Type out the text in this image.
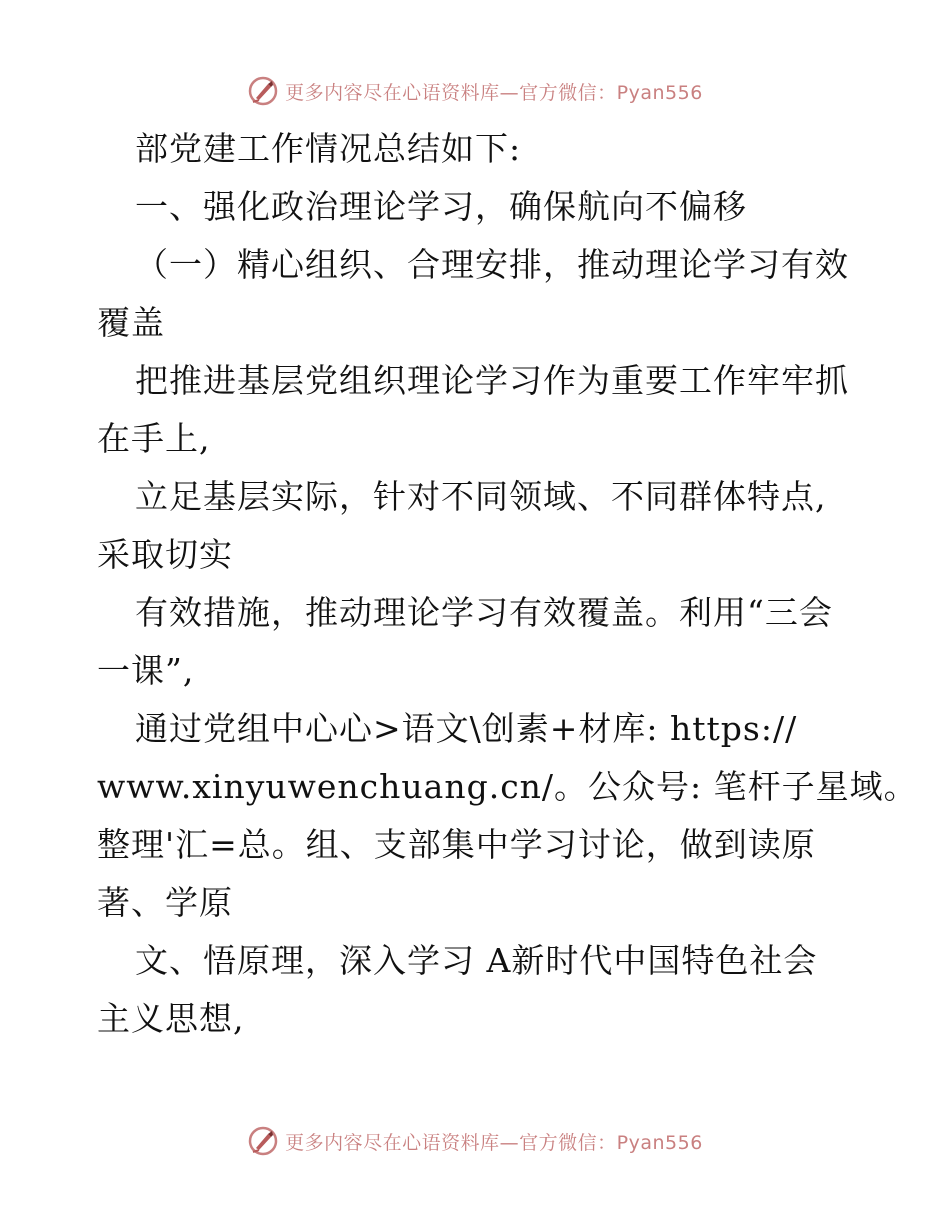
更多内容尽在心语资料库—官方微信：Pyan556
部党建工作情况总结如下:
一、强化政治理论学习，确保航向不偏移
（一）精心组织、合理安排，推动理论学习有效
覆盖
把推进基层党组织理论学习作为重要工作牢牢抓
在手上,
立足基层实际，针对不同领域、不同群体特点,
采取切实
有效措施，推动理论学习有效覆盖。利用“三会
一课”,
通过党组中心心>语文\创素+材库: https://
www.xinyuwenchuang.cn/。公众号: 笔杆子星域。
整理'汇=总。组、支部集中学习讨论，做到读原
著、学原
文、悟原理，深入学习 A新时代中国特色社会
主义思想,
更多内容尽在心语资料库—官方微信：Pyan556
